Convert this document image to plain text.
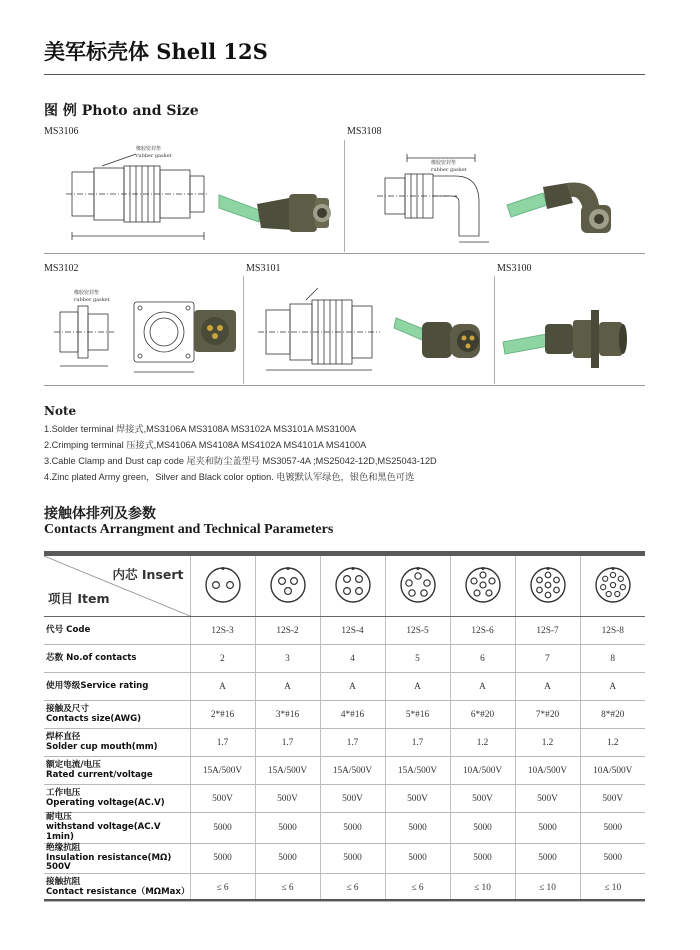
美军标壳体 Shell 12S
图 例 Photo and Size
MS3106	MS3108
橡胶密封垫
rubber gasket
橡胶密封垫
rubber gasket
MS3102	MS3101	MS3100
橡胶密封垫
rubber gasket
Note
1.Solder terminal 焊接式,MS3106A MS3108A MS3102A MS3101A MS3100A
2.Crimping terminal 压接式,MS4106A MS4108A MS4102A MS4101A MS4100A
3.Cable Clamp and Dust cap code 尾夹和防尘盖型号 MS3057-4A ;MS25042-12D,MS25043-12D
4.Zinc plated Army green，Silver and Black color option. 电镀默认军绿色，银色和黑色可选
接触体排列及参数
Contacts Arrangment and Technical Parameters
内芯 Insert
项目 Item

代号 Code	12S-3	12S-2	12S-4	12S-5	12S-6	12S-7	12S-8
芯数 No.of contacts	2	3	4	5	6	7	8
使用等级Service rating	A	A	A	A	A	A	A

接触及尺寸
Contacts size(AWG)	2*#16	3*#16	4*#16	5*#16	6*#20	7*#20	8*#20

焊杯直径
Solder cup mouth(mm)	1.7	1.7	1.7	1.7	1.2	1.2	1.2

额定电流/电压
Rated current/voltage	15A/500V	15A/500V	15A/500V	15A/500V	10A/500V	10A/500V	10A/500V

工作电压
Operating voltage(AC.V)	500V	500V	500V	500V	500V	500V	500V

耐电压
withstand voltage(AC.V 1min)	5000	5000	5000	5000	5000	5000	5000

绝缘抗阻
Insulation resistance(MΩ) 500V	5000	5000	5000	5000	5000	5000	5000

接触抗阻
Contact resistance（MΩMax）	≤ 6	≤ 6	≤ 6	≤ 6	≤ 10	≤ 10	≤ 10
